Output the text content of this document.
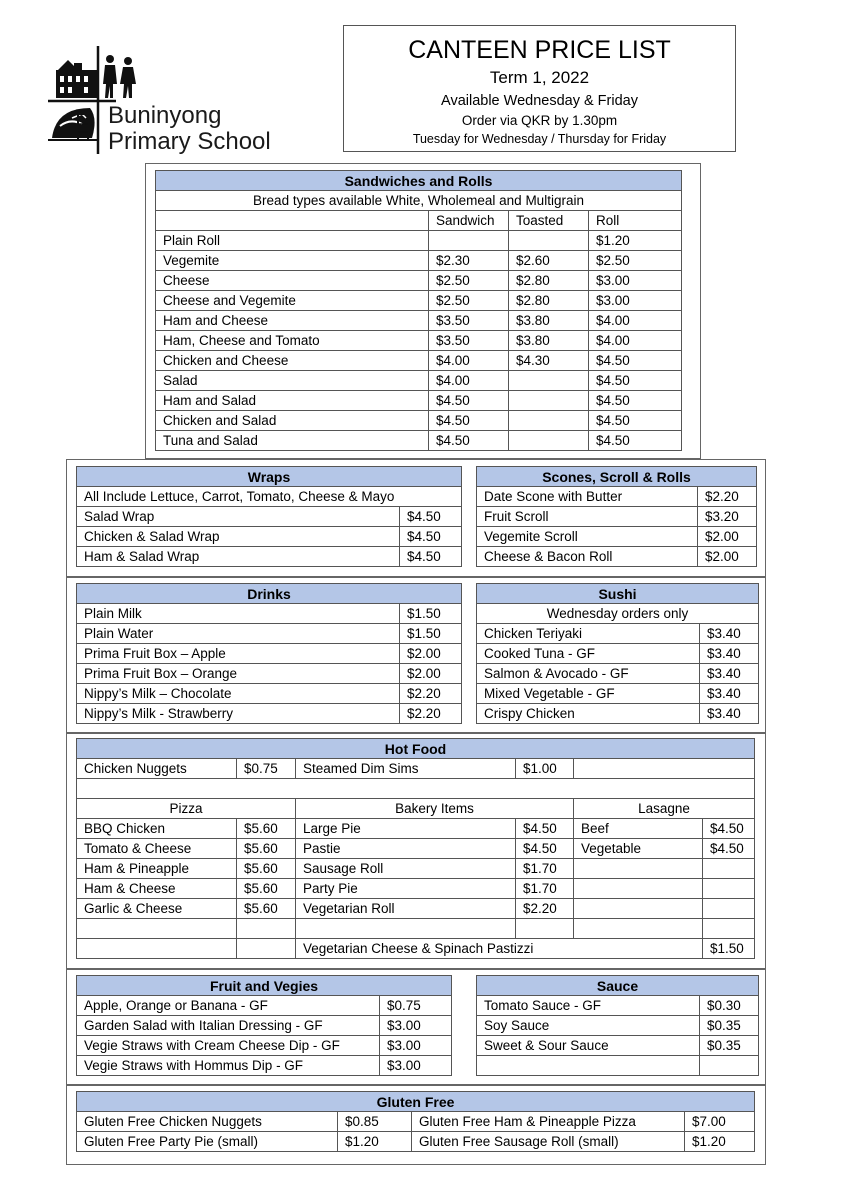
Buninyong
Primary School
CANTEEN PRICE LIST
Term 1, 2022
Available Wednesday & Friday
Order via QKR by 1.30pm
Tuesday for Wednesday / Thursday for Friday
Sandwiches and Rolls			
Bread types available White, Wholemeal and Multigrain			
	Sandwich	Toasted	Roll
Plain Roll			$1.20
Vegemite	$2.30	$2.60	$2.50
Cheese	$2.50	$2.80	$3.00
Cheese and Vegemite	$2.50	$2.80	$3.00
Ham and Cheese	$3.50	$3.80	$4.00
Ham, Cheese and Tomato	$3.50	$3.80	$4.00
Chicken and Cheese	$4.00	$4.30	$4.50
Salad	$4.00		$4.50
Ham and Salad	$4.50		$4.50
Chicken and Salad	$4.50		$4.50
Tuna and Salad	$4.50		$4.50
Wraps	
All Include Lettuce, Carrot, Tomato, Cheese & Mayo	
Salad Wrap	$4.50
Chicken & Salad Wrap	$4.50
Ham & Salad Wrap	$4.50
Scones, Scroll & Rolls	
Date Scone with Butter	$2.20
Fruit Scroll	$3.20
Vegemite Scroll	$2.00
Cheese & Bacon Roll	$2.00
Drinks	
Plain Milk	$1.50
Plain Water	$1.50
Prima Fruit Box – Apple	$2.00
Prima Fruit Box – Orange	$2.00
Nippy’s Milk – Chocolate	$2.20
Nippy’s Milk - Strawberry	$2.20
Sushi	
Wednesday orders only	
Chicken Teriyaki	$3.40
Cooked Tuna - GF	$3.40
Salmon & Avocado - GF	$3.40
Mixed Vegetable - GF	$3.40
Crispy Chicken	$3.40
Hot Food					
Chicken Nuggets	$0.75	Steamed Dim Sims	$1.00		

Pizza		Bakery Items		Lasagne	
BBQ Chicken	$5.60	Large Pie	$4.50	Beef	$4.50
Tomato & Cheese	$5.60	Pastie	$4.50	Vegetable	$4.50
Ham & Pineapple	$5.60	Sausage Roll	$1.70		
Ham & Cheese	$5.60	Party Pie	$1.70		
Garlic & Cheese	$5.60	Vegetarian Roll	$2.20		

		Vegetarian Cheese & Spinach Pastizzi			$1.50
Fruit and Vegies	
Apple, Orange or Banana - GF	$0.75
Garden Salad with Italian Dressing - GF	$3.00
Vegie Straws with Cream Cheese Dip - GF	$3.00
Vegie Straws with Hommus Dip - GF	$3.00
Sauce	
Tomato Sauce - GF	$0.30
Soy Sauce	$0.35
Sweet & Sour Sauce	$0.35

Gluten Free			
Gluten Free Chicken Nuggets	$0.85	Gluten Free Ham & Pineapple Pizza	$7.00
Gluten Free Party Pie (small)	$1.20	Gluten Free Sausage Roll (small)	$1.20
